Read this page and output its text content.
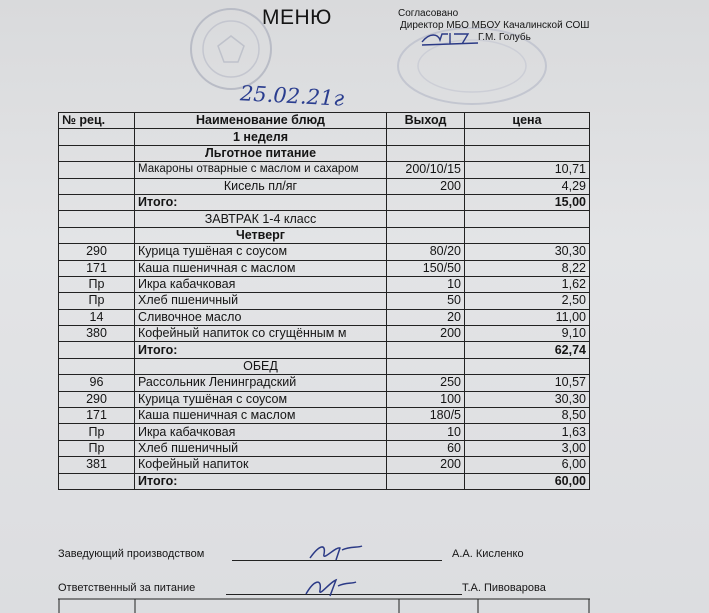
МЕНЮ	Согласовано
Директор МБО МБОУ Качалинской СОШ
Г.М. Голубь
25.02.21г
№ рец.	Наименование блюд	Выход	цена
	1 неделя		
	Льготное питание		
	Макароны отварные с маслом и сахаром	200/10/15	10,71
	Кисель пл/яг	200	4,29
	Итого:		15,00
	ЗАВТРАК 1-4 класс		
	Четверг		
290	Курица тушёная с соусом	80/20	30,30
171	Каша пшеничная с маслом	150/50	8,22
Пр	Икра кабачковая	10	1,62
Пр	Хлеб пшеничный	50	2,50
14	Сливочное масло	20	11,00
380	Кофейный напиток со сгущённым м	200	9,10
	Итого:		62,74
	ОБЕД		
96	Рассольник Ленинградский	250	10,57
290	Курица тушёная с соусом	100	30,30
171	Каша пшеничная с маслом	180/5	8,50
Пр	Икра кабачковая	10	1,63
Пр	Хлеб пшеничный	60	3,00
381	Кофейный напиток	200	6,00
	Итого:		60,00
Заведующий производством	А.А. Кисленко
Ответственный за питание	Т.А. Пивоварова
